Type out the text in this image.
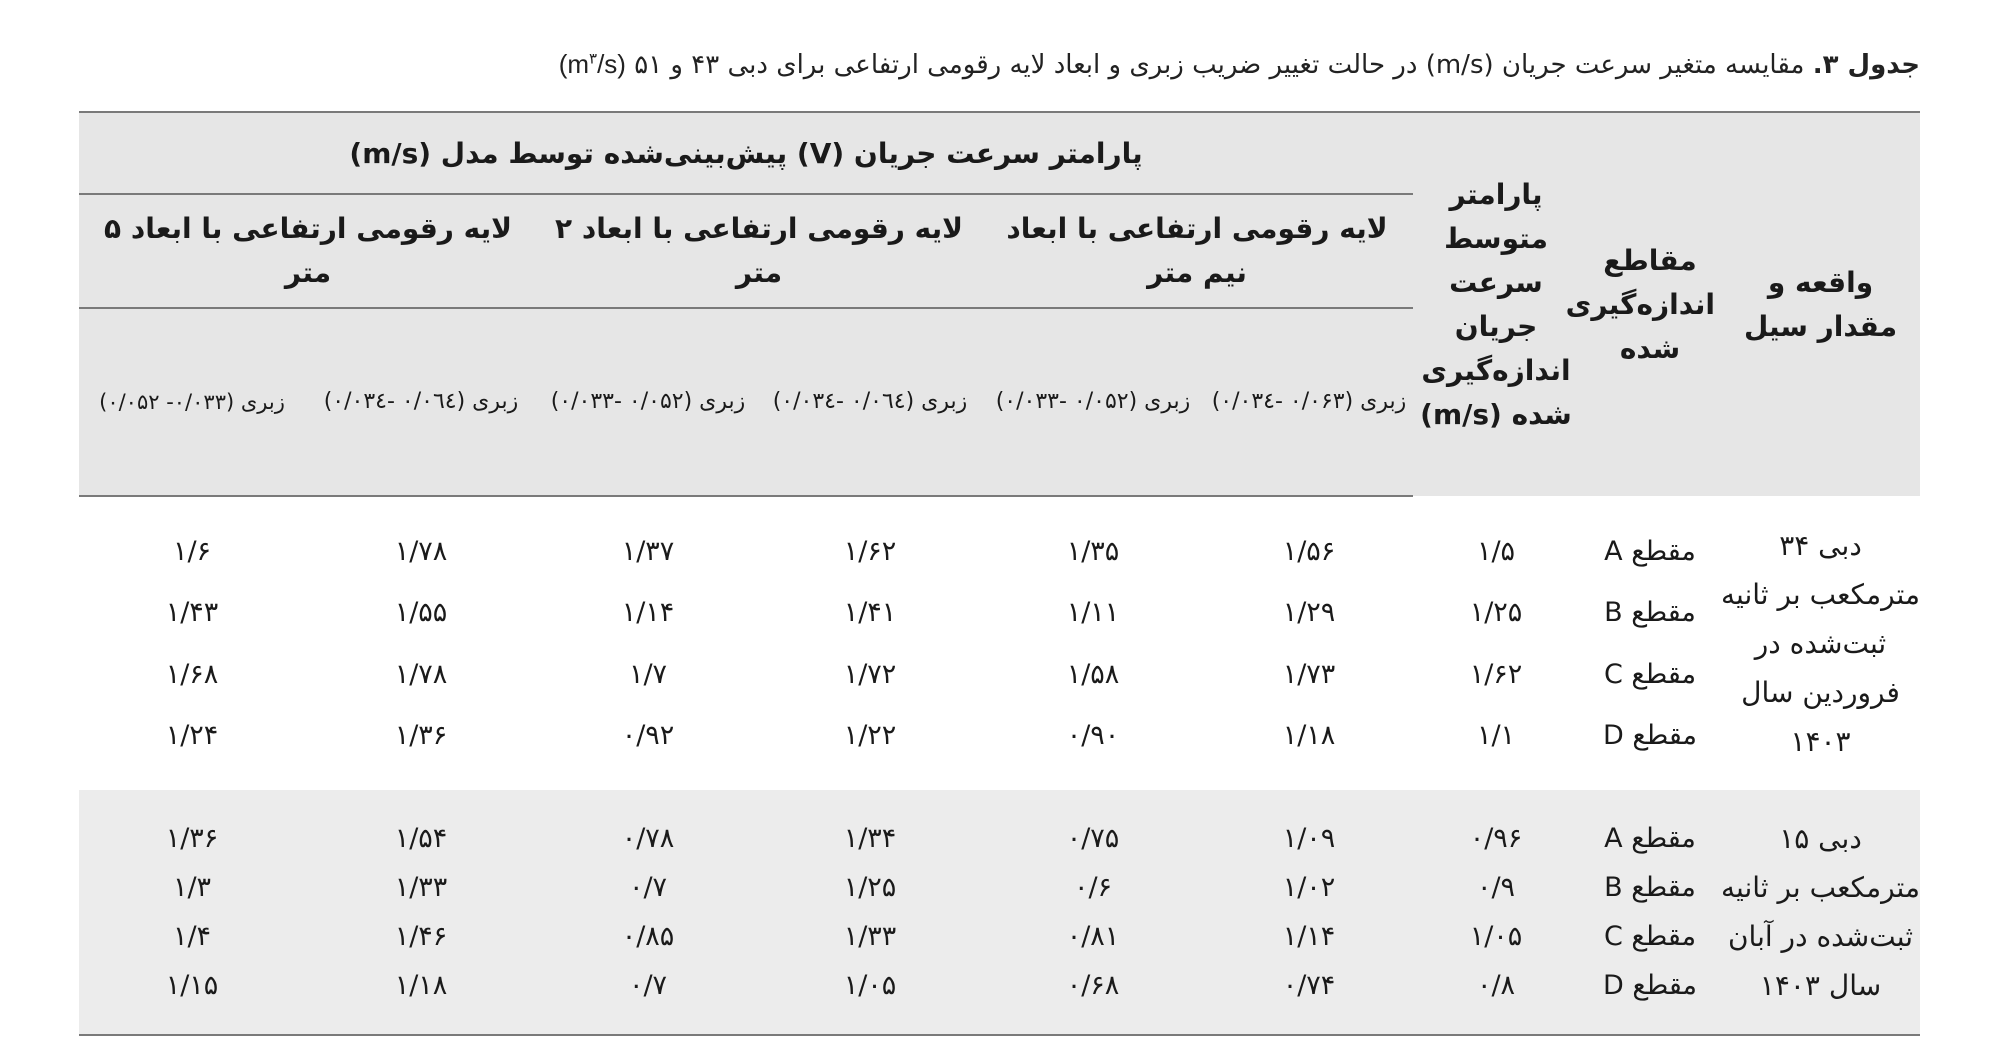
جدول ۳. مقایسه متغیر سرعت جریان (m/s) در حالت تغییر ضریب زبری و ابعاد لایه رقومی ارتفاعی برای دبی ۴۳ و ۵۱ $(m^۳/s)$
واقعه و مقدار سیل	مقاطع اندازه‌گیری شده	پارامتر متوسط سرعت جریان اندازه‌گیری شده (m/s)	پارامتر سرعت جریان (V) پیش‌بینی‌شده توسط مدل (m/s)					
			لایه رقومی ارتفاعی با ابعاد نیم متر		لایه رقومی ارتفاعی با ابعاد ۲ متر		لایه رقومی ارتفاعی با ابعاد ۵ متر	
			زبری (۰/۰۶۳ -۰/۰۳٤)	زبری (۰/۰۵۲ -۰/۰۳۳)	زبری (۰/۰٦٤ -۰/۰۳٤)	زبری (۰/۰۵۲ -۰/۰۳۳)	زبری (۰/۰٦٤ -۰/۰۳٤)	زبری (۰/۰۳۳- ۰/۰۵۲)

دبی ۳۴ مترمکعب بر ثانیه ثبت‌شده در فروردین سال ۱۴۰۳	مقطع A	۱/۵	۱/۵۶	۱/۳۵	۱/۶۲	۱/۳۷	۱/۷۸	۱/۶
	مقطع B	۱/۲۵	۱/۲۹	۱/۱۱	۱/۴۱	۱/۱۴	۱/۵۵	۱/۴۳
	مقطع C	۱/۶۲	۱/۷۳	۱/۵۸	۱/۷۲	۱/۷	۱/۷۸	۱/۶۸
	مقطع D	۱/۱	۱/۱۸	۰/۹۰	۱/۲۲	۰/۹۲	۱/۳۶	۱/۲۴

دبی ۱۵ مترمکعب بر ثانیه ثبت‌شده در آبان سال ۱۴۰۳	مقطع A	۰/۹۶	۱/۰۹	۰/۷۵	۱/۳۴	۰/۷۸	۱/۵۴	۱/۳۶
	مقطع B	۰/۹	۱/۰۲	۰/۶	۱/۲۵	۰/۷	۱/۳۳	۱/۳
	مقطع C	۱/۰۵	۱/۱۴	۰/۸۱	۱/۳۳	۰/۸۵	۱/۴۶	۱/۴
	مقطع D	۰/۸	۰/۷۴	۰/۶۸	۱/۰۵	۰/۷	۱/۱۸	۱/۱۵
